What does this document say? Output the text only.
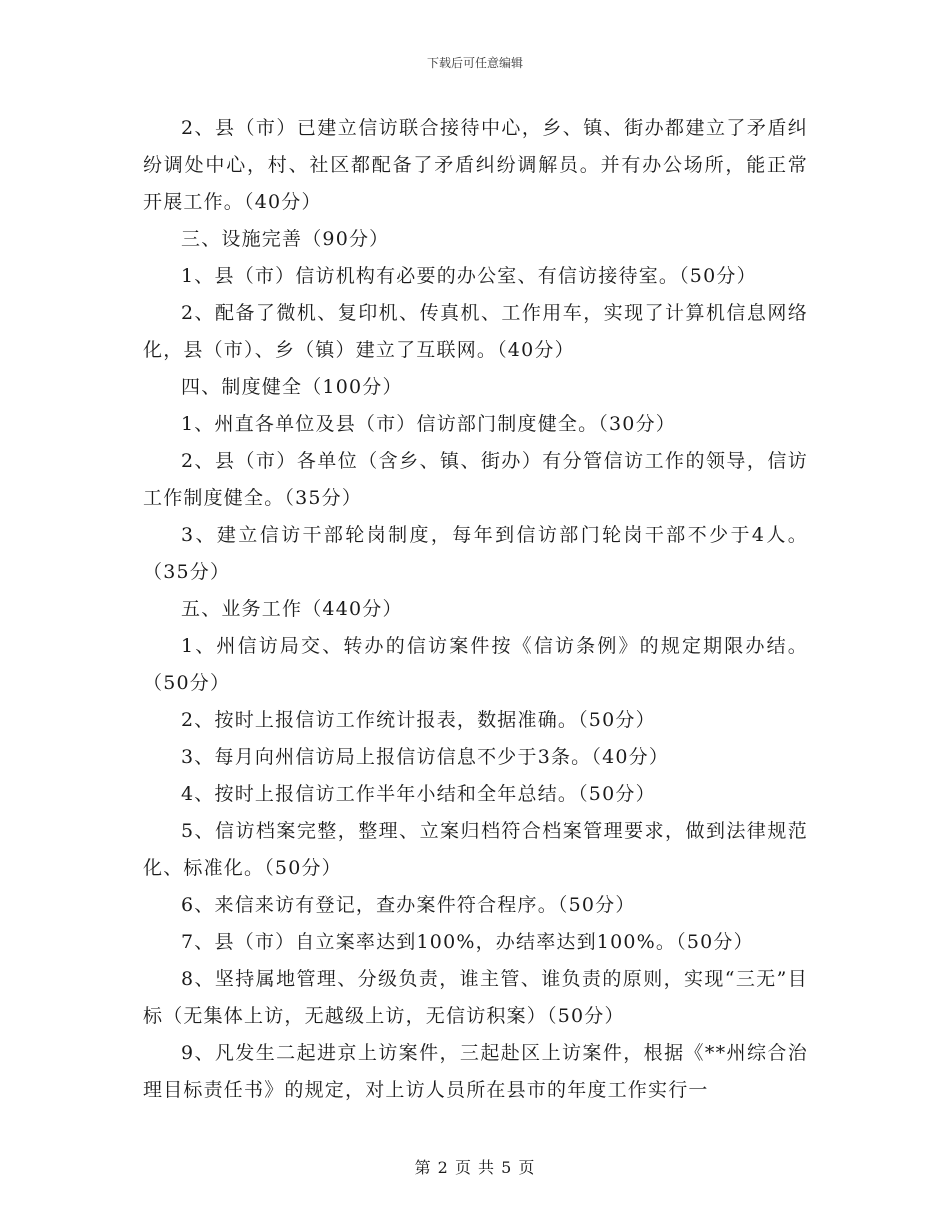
下载后可任意编辑

2、县（市）已建立信访联合接待中心，乡、镇、街办都建立了矛盾纠纷调处中心，村、社区都配备了矛盾纠纷调解员。并有办公场所，能正常开展工作。（40分）

三、设施完善（90分）

1、县（市）信访机构有必要的办公室、有信访接待室。（50分）

2、配备了微机、复印机、传真机、工作用车，实现了计算机信息网络化，县（市）、乡（镇）建立了互联网。（40分）

四、制度健全（100分）

1、州直各单位及县（市）信访部门制度健全。（30分）

2、县（市）各单位（含乡、镇、街办）有分管信访工作的领导，信访工作制度健全。（35分）

3、建立信访干部轮岗制度，每年到信访部门轮岗干部不少于4人。（35分）

五、业务工作（440分）

1、州信访局交、转办的信访案件按《信访条例》的规定期限办结。（50分）

2、按时上报信访工作统计报表，数据准确。（50分）

3、每月向州信访局上报信访信息不少于3条。（40分）

4、按时上报信访工作半年小结和全年总结。（50分）

5、信访档案完整，整理、立案归档符合档案管理要求，做到法律规范化、标准化。（50分）

6、来信来访有登记，查办案件符合程序。（50分）

7、县（市）自立案率达到100%，办结率达到100%。（50分）

8、坚持属地管理、分级负责，谁主管、谁负责的原则，实现“三无”目标（无集体上访，无越级上访，无信访积案）（50分）

9、凡发生二起进京上访案件，三起赴区上访案件，根据《**州综合治理目标责任书》的规定，对上访人员所在县市的年度工作实行一

第 2 页 共 5 页
